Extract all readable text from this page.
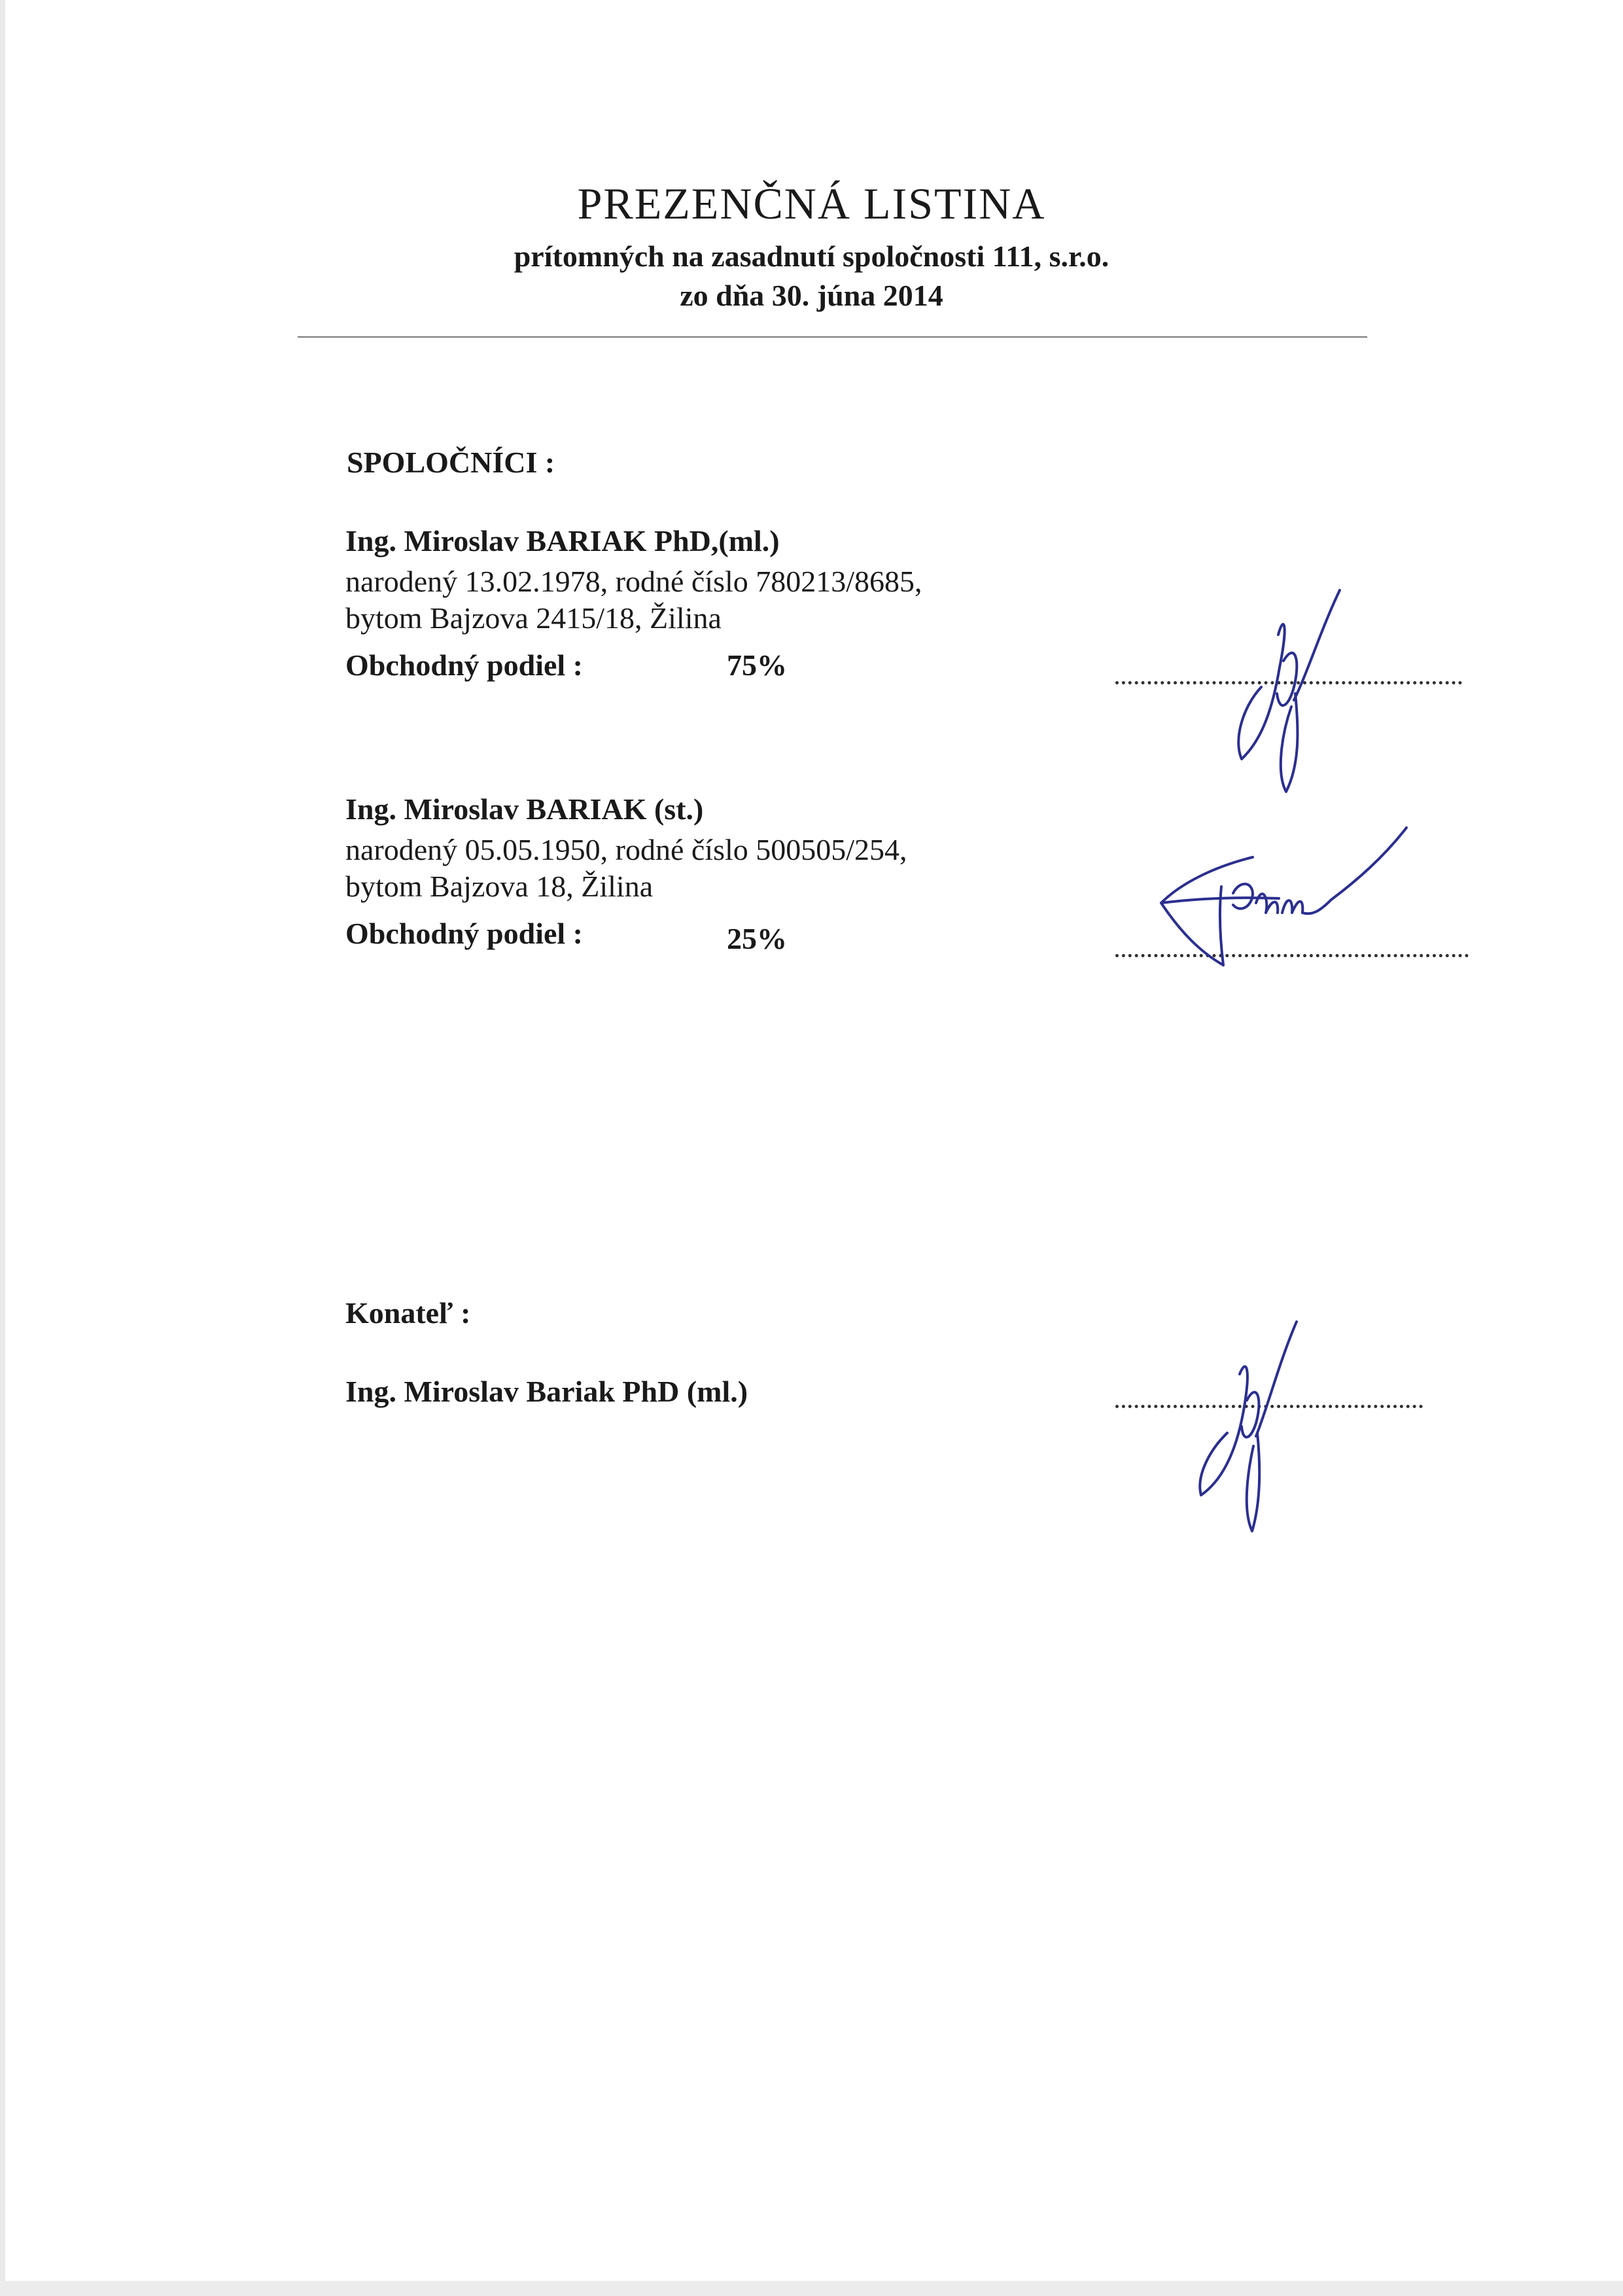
PREZENČNÁ LISTINA
prítomných na zasadnutí spoločnosti 111, s.r.o.
zo dňa 30. júna 2014
SPOLOČNÍCI :
Ing. Miroslav BARIAK PhD,(ml.)
narodený 13.02.1978, rodné číslo 780213/8685,
bytom Bajzova 2415/18, Žilina
Obchodný podiel :	75%
Ing. Miroslav BARIAK (st.)
narodený 05.05.1950, rodné číslo 500505/254,
bytom Bajzova 18, Žilina
Obchodný podiel :	25%
Konateľ :
Ing. Miroslav Bariak PhD (ml.)
